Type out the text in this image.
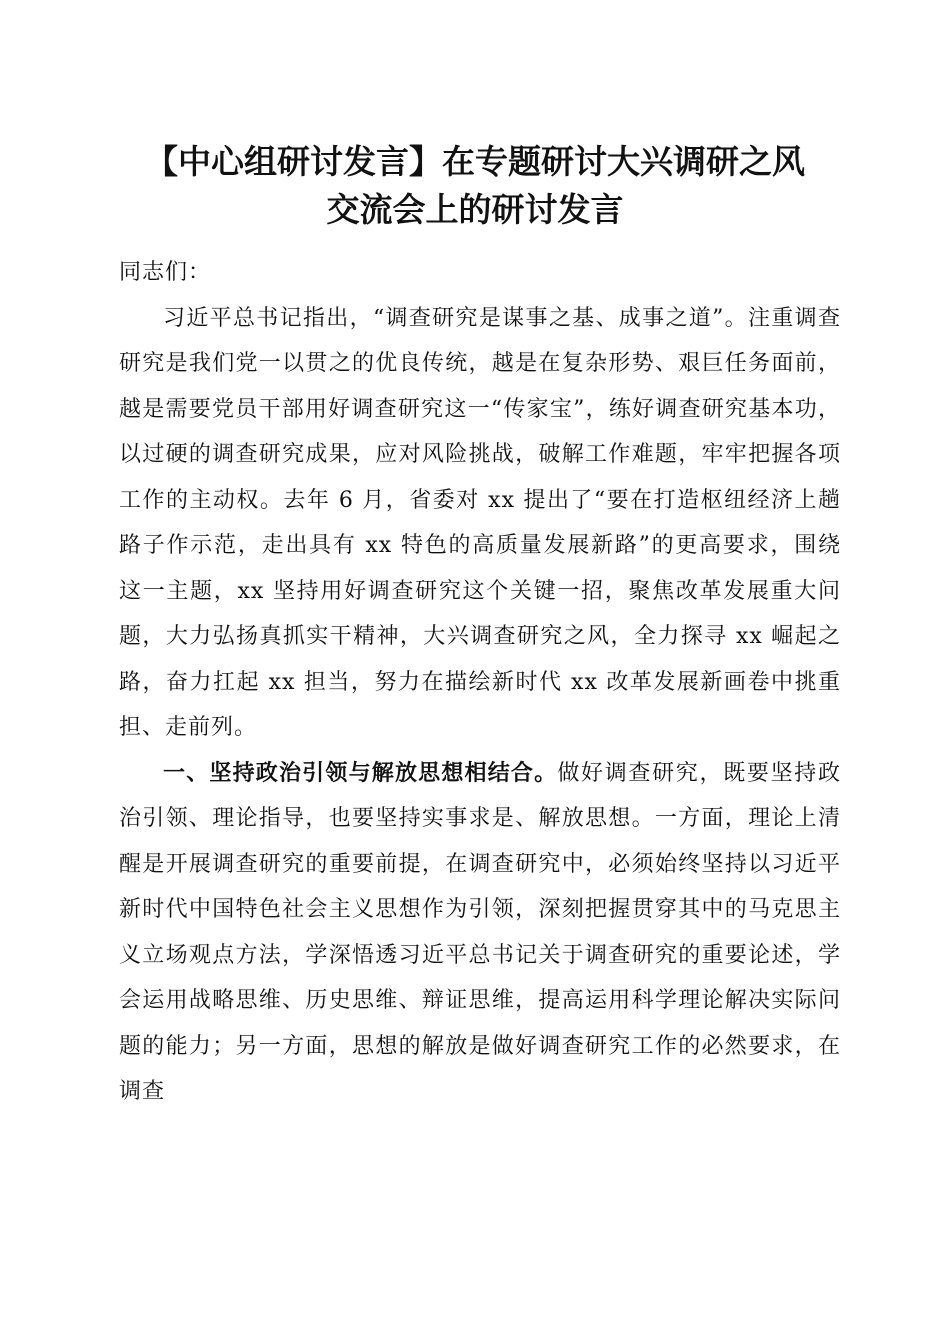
【中心组研讨发言】在专题研讨大兴调研之风
交流会上的研讨发言

同志们：

习近平总书记指出，“调查研究是谋事之基、成事之道”。注重调查研究是我们党一以贯之的优良传统，越是在复杂形势、艰巨任务面前，越是需要党员干部用好调查研究这一“传家宝”，练好调查研究基本功，以过硬的调查研究成果，应对风险挑战，破解工作难题，牢牢把握各项工作的主动权。去年 6 月，省委对 xx 提出了“要在打造枢纽经济上趟路子作示范，走出具有 xx 特色的高质量发展新路”的更高要求，围绕这一主题，xx 坚持用好调查研究这个关键一招，聚焦改革发展重大问题，大力弘扬真抓实干精神，大兴调查研究之风，全力探寻 xx 崛起之路，奋力扛起 xx 担当，努力在描绘新时代 xx 改革发展新画卷中挑重担、走前列。

一、坚持政治引领与解放思想相结合。做好调查研究，既要坚持政治引领、理论指导，也要坚持实事求是、解放思想。一方面，理论上清醒是开展调查研究的重要前提，在调查研究中，必须始终坚持以习近平新时代中国特色社会主义思想作为引领，深刻把握贯穿其中的马克思主义立场观点方法，学深悟透习近平总书记关于调查研究的重要论述，学会运用战略思维、历史思维、辩证思维，提高运用科学理论解决实际问题的能力；另一方面，思想的解放是做好调查研究工作的必然要求，在调查
